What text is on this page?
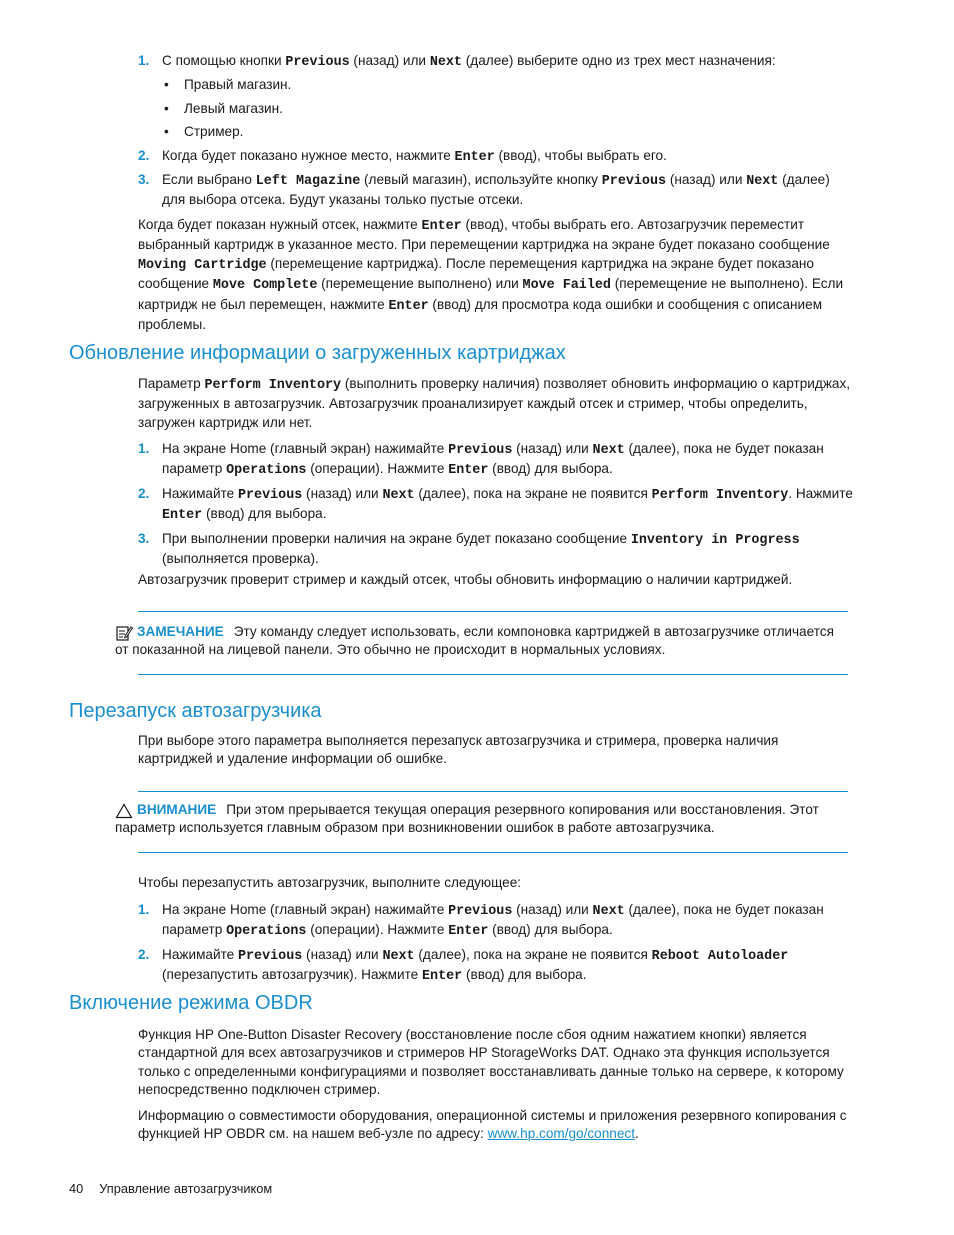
1. С помощью кнопки Previous (назад) или Next (далее) выберите одно из трех мест назначения:
• Правый магазин.
• Левый магазин.
• Стример.
2. Когда будет показано нужное место, нажмите Enter (ввод), чтобы выбрать его.
3. Если выбрано Left Magazine (левый магазин), используйте кнопку Previous (назад) или Next (далее) для выбора отсека. Будут указаны только пустые отсеки.
Когда будет показан нужный отсек, нажмите Enter (ввод), чтобы выбрать его. Автозагрузчик переместит выбранный картридж в указанное место. При перемещении картриджа на экране будет показано сообщение Moving Cartridge (перемещение картриджа). После перемещения картриджа на экране будет показано сообщение Move Complete (перемещение выполнено) или Move Failed (перемещение не выполнено). Если картридж не был перемещен, нажмите Enter (ввод) для просмотра кода ошибки и сообщения с описанием проблемы.
Обновление информации о загруженных картриджах
Параметр Perform Inventory (выполнить проверку наличия) позволяет обновить информацию о картриджах, загруженных в автозагрузчик. Автозагрузчик проанализирует каждый отсек и стример, чтобы определить, загружен картридж или нет.
1. На экране Home (главный экран) нажимайте Previous (назад) или Next (далее), пока не будет показан параметр Operations (операции). Нажмите Enter (ввод) для выбора.
2. Нажимайте Previous (назад) или Next (далее), пока на экране не появится Perform Inventory. Нажмите Enter (ввод) для выбора.
3. При выполнении проверки наличия на экране будет показано сообщение Inventory in Progress (выполняется проверка).
Автозагрузчик проверит стример и каждый отсек, чтобы обновить информацию о наличии картриджей.
ЗАМЕЧАНИЕ Эту команду следует использовать, если компоновка картриджей в автозагрузчике отличается от показанной на лицевой панели. Это обычно не происходит в нормальных условиях.
Перезапуск автозагрузчика
При выборе этого параметра выполняется перезапуск автозагрузчика и стримера, проверка наличия картриджей и удаление информации об ошибке.
ВНИМАНИЕ При этом прерывается текущая операция резервного копирования или восстановления. Этот параметр используется главным образом при возникновении ошибок в работе автозагрузчика.
Чтобы перезапустить автозагрузчик, выполните следующее:
1. На экране Home (главный экран) нажимайте Previous (назад) или Next (далее), пока не будет показан параметр Operations (операции). Нажмите Enter (ввод) для выбора.
2. Нажимайте Previous (назад) или Next (далее), пока на экране не появится Reboot Autoloader (перезапустить автозагрузчик). Нажмите Enter (ввод) для выбора.
Включение режима OBDR
Функция HP One-Button Disaster Recovery (восстановление после сбоя одним нажатием кнопки) является стандартной для всех автозагрузчиков и стримеров HP StorageWorks DAT. Однако эта функция используется только с определенными конфигурациями и позволяет восстанавливать данные только на сервере, к которому непосредственно подключен стример.
Информацию о совместимости оборудования, операционной системы и приложения резервного копирования с функцией HP OBDR см. на нашем веб-узле по адресу: www.hp.com/go/connect.
40 Управление автозагрузчиком
